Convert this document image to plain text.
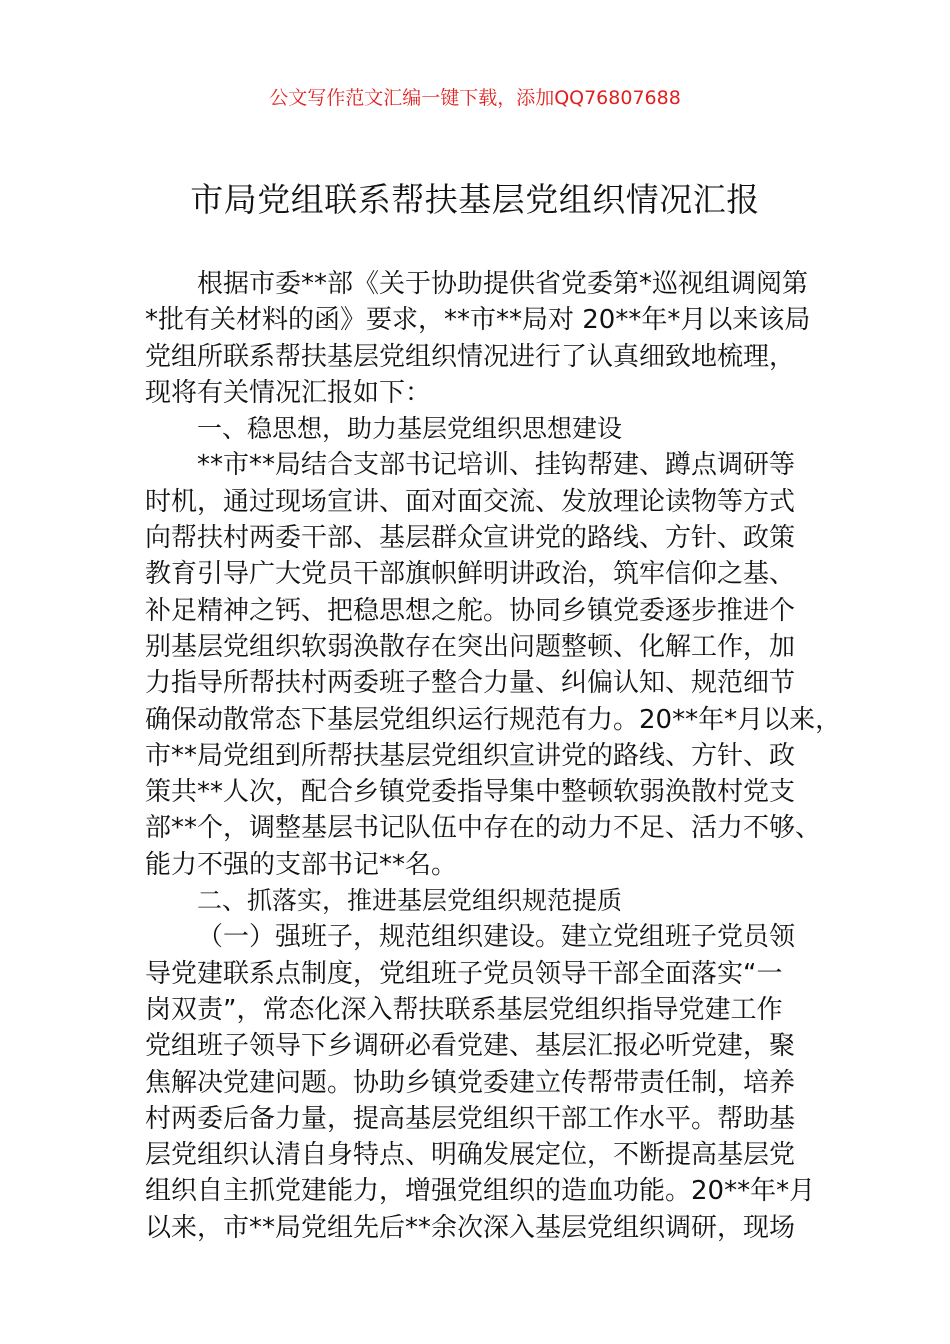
公文写作范文汇编一键下载，添加QQ76807688
市局党组联系帮扶基层党组织情况汇报
根据市委**部《关于协助提供省党委第*巡视组调阅第
*批有关材料的函》要求，**市**局对 20**年*月以来该局
党组所联系帮扶基层党组织情况进行了认真细致地梳理，
现将有关情况汇报如下：
一、稳思想，助力基层党组织思想建设
**市**局结合支部书记培训、挂钩帮建、蹲点调研等
时机，通过现场宣讲、面对面交流、发放理论读物等方式
向帮扶村两委干部、基层群众宣讲党的路线、方针、政策
教育引导广大党员干部旗帜鲜明讲政治，筑牢信仰之基、
补足精神之钙、把稳思想之舵。协同乡镇党委逐步推进个
别基层党组织软弱涣散存在突出问题整顿、化解工作，加
力指导所帮扶村两委班子整合力量、纠偏认知、规范细节
确保动散常态下基层党组织运行规范有力。20**年*月以来，
市**局党组到所帮扶基层党组织宣讲党的路线、方针、政
策共**人次，配合乡镇党委指导集中整顿软弱涣散村党支
部**个，调整基层书记队伍中存在的动力不足、活力不够、
能力不强的支部书记**名。
二、抓落实，推进基层党组织规范提质
（一）强班子，规范组织建设。建立党组班子党员领
导党建联系点制度，党组班子党员领导干部全面落实“一
岗双责”，常态化深入帮扶联系基层党组织指导党建工作
党组班子领导下乡调研必看党建、基层汇报必听党建，聚
焦解决党建问题。协助乡镇党委建立传帮带责任制，培养
村两委后备力量，提高基层党组织干部工作水平。帮助基
层党组织认清自身特点、明确发展定位，不断提高基层党
组织自主抓党建能力，增强党组织的造血功能。20**年*月
以来，市**局党组先后**余次深入基层党组织调研，现场
